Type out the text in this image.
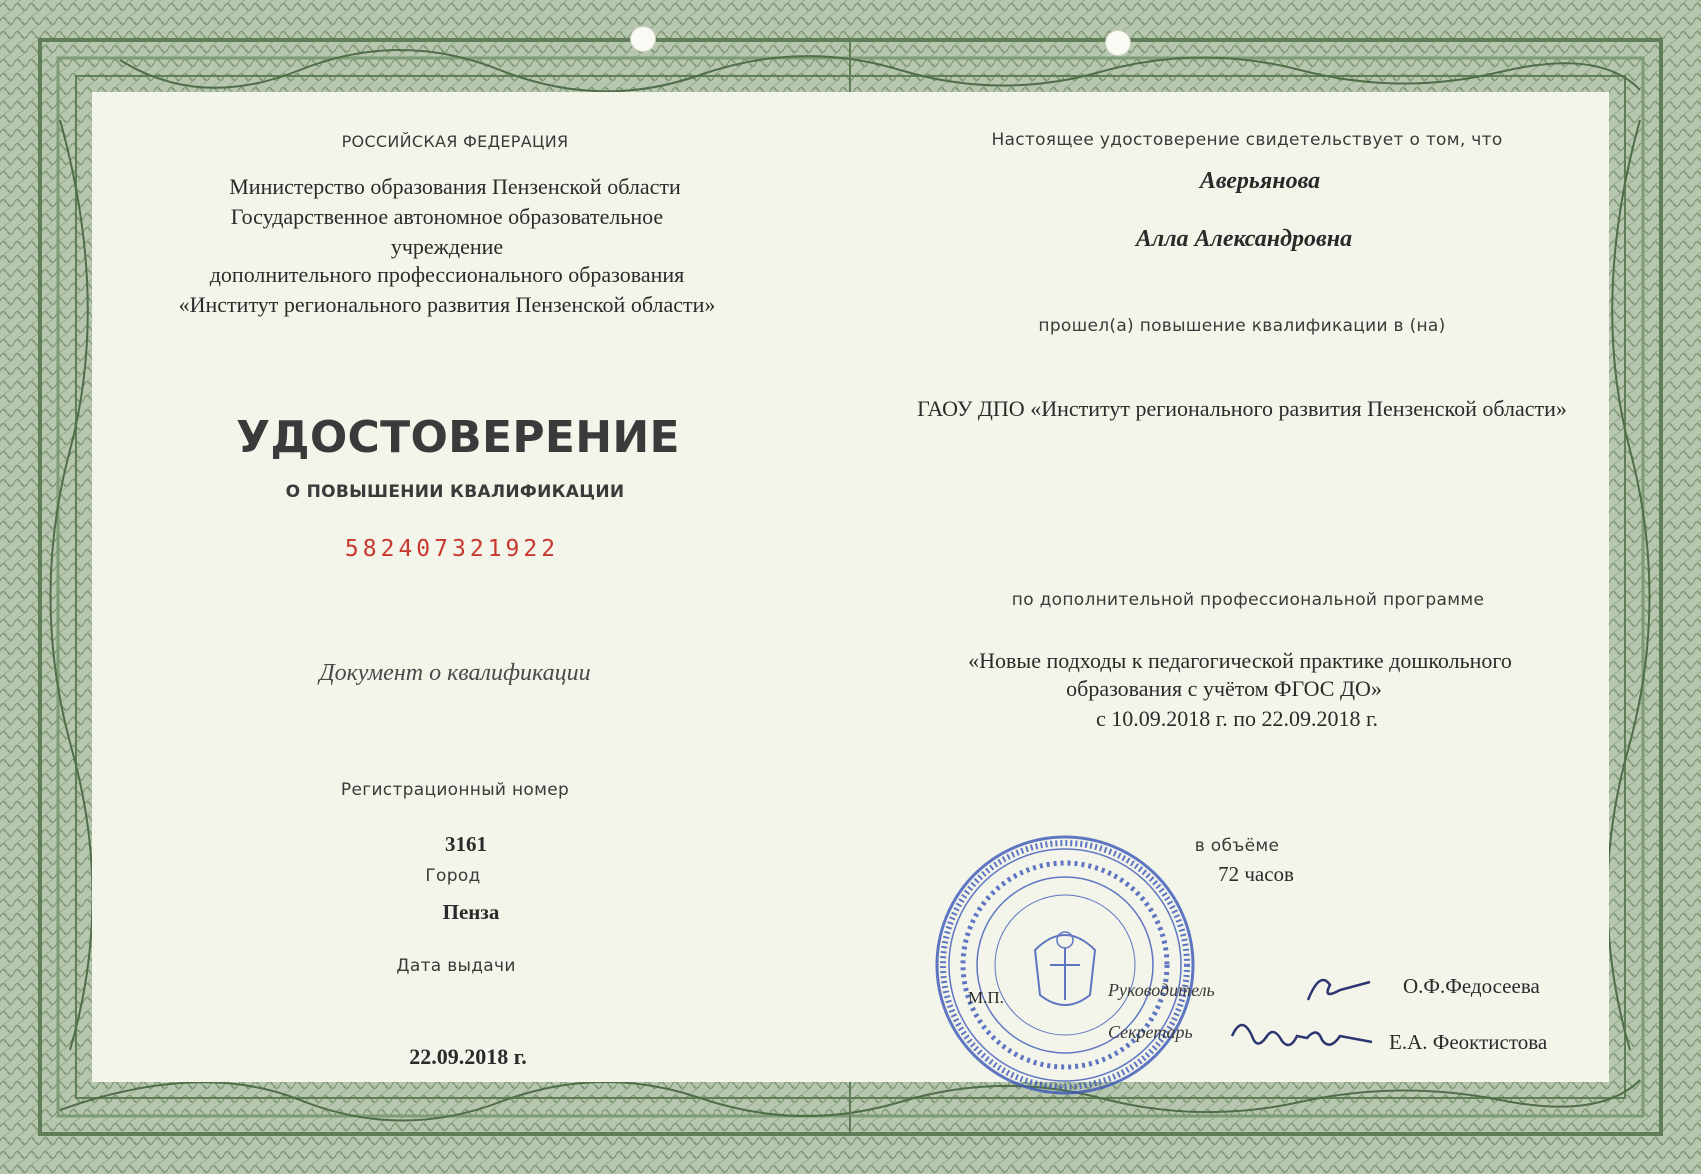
РОССИЙСКАЯ ФЕДЕРАЦИЯ
Министерство образования Пензенской области
Государственное автономное образовательное
учреждение
дополнительного профессионального образования
«Институт регионального развития Пензенской области»
УДОСТОВЕРЕНИЕ
О ПОВЫШЕНИИ КВАЛИФИКАЦИИ
582407321922
Документ о квалификации
Регистрационный номер
3161
Город
Пенза
Дата выдачи
22.09.2018 г.
Настоящее удостоверение свидетельствует о том, что
Аверьянова
Алла Александровна
прошел(а) повышение квалификации в (на)
ГАОУ ДПО «Институт регионального развития Пензенской области»
по дополнительной профессиональной программе
«Новые подходы к педагогической практике дошкольного
образования с учётом ФГОС ДО»
с 10.09.2018 г. по 22.09.2018 г.
в объёме
72 часов
М.П.	Руководитель	О.Ф.Федосеева
Секретарь	Е.А. Феоктистова
